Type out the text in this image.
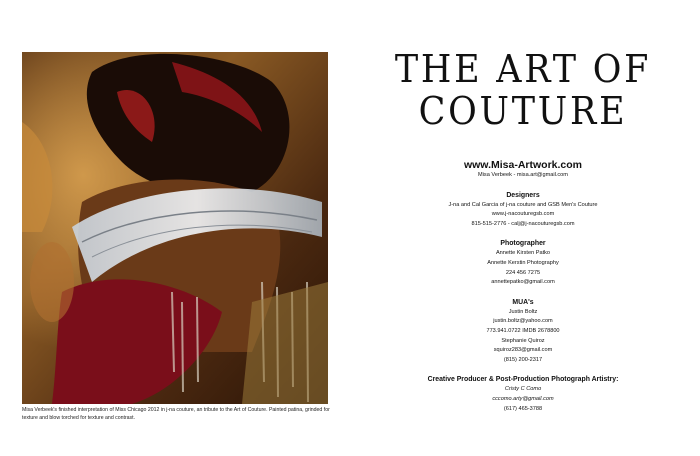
Misa Verbeek's finished interpretation of Miss Chicago 2012 in j-na couture, an tribute to the Art of Couture. Painted patina, grinded for texture and blow torched for texture and contrast.
THE ART OF
COUTURE
www.Misa-Artwork.com
Misa Verbeek - misa.art@gmail.com
Designers
J-na and Cal Garcia of j-na couture and GSB Men's Couture
www.j-nacouturegsb.com
815-515-2776 - calj@j-nacouturegsb.com
Photographer
Annette Kirsten Patko
Annette Kerstin Photography
224 456 7275
annettepatko@gmail.com
MUA's
Justin Boltz
justin.boltz@yahoo.com
773.941.0722 IMDB 2678800
Stephanie Quiroz
squiroz283@gmail.com
(815) 200-2317
Creative Producer & Post-Production Photograph Artistry:
Cristy C Como
cccomo.arty@gmail.com
(617) 465-3788
